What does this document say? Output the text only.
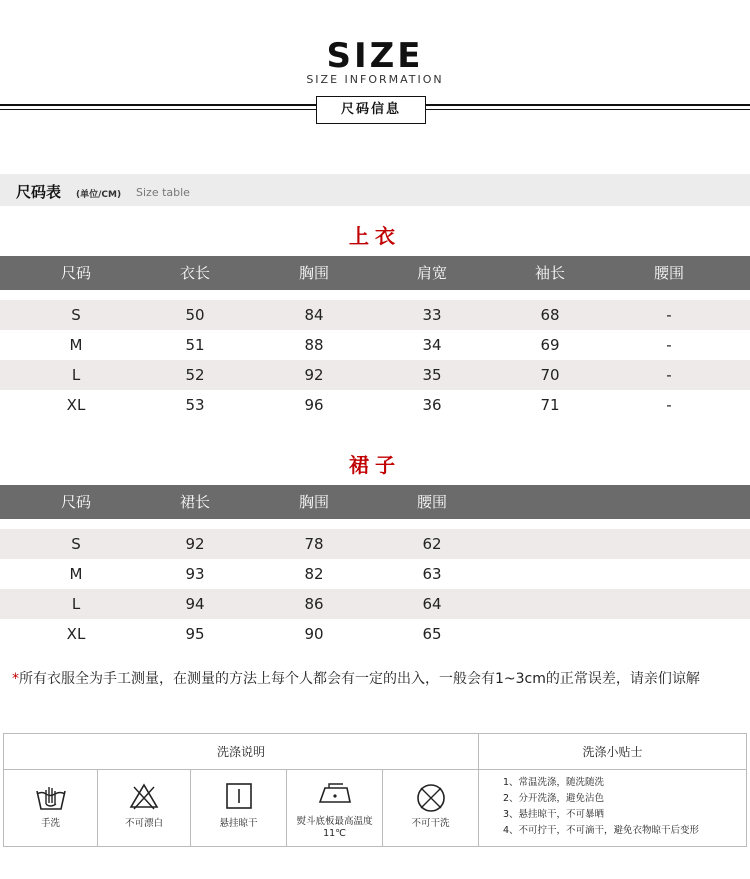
SIZE
SIZE INFORMATION
尺码信息
尺码表 (单位/CM) Size table
上衣
尺码	衣长	胸围	肩宽	袖长	腰围
S	50	84	33	68	-
M	51	88	34	69	-
L	52	92	35	70	-
XL	53	96	36	71	-
裙子
尺码	裙长	胸围	腰围
S	92	78	62
M	93	82	63
L	94	86	64
XL	95	90	65
*所有衣服全为手工测量，在测量的方法上每个人都会有一定的出入，一般会有1~3cm的正常误差，请亲们谅解
洗涤说明	洗涤小贴士
手洗	不可漂白	悬挂晾干	熨斗底板最高温度11℃
不可干洗
1、常温洗涤，随洗随洗
2、分开洗涤，避免沾色
3、悬挂晾干，不可暴晒
4、不可拧干，不可滴干，避免衣物晾干后变形
